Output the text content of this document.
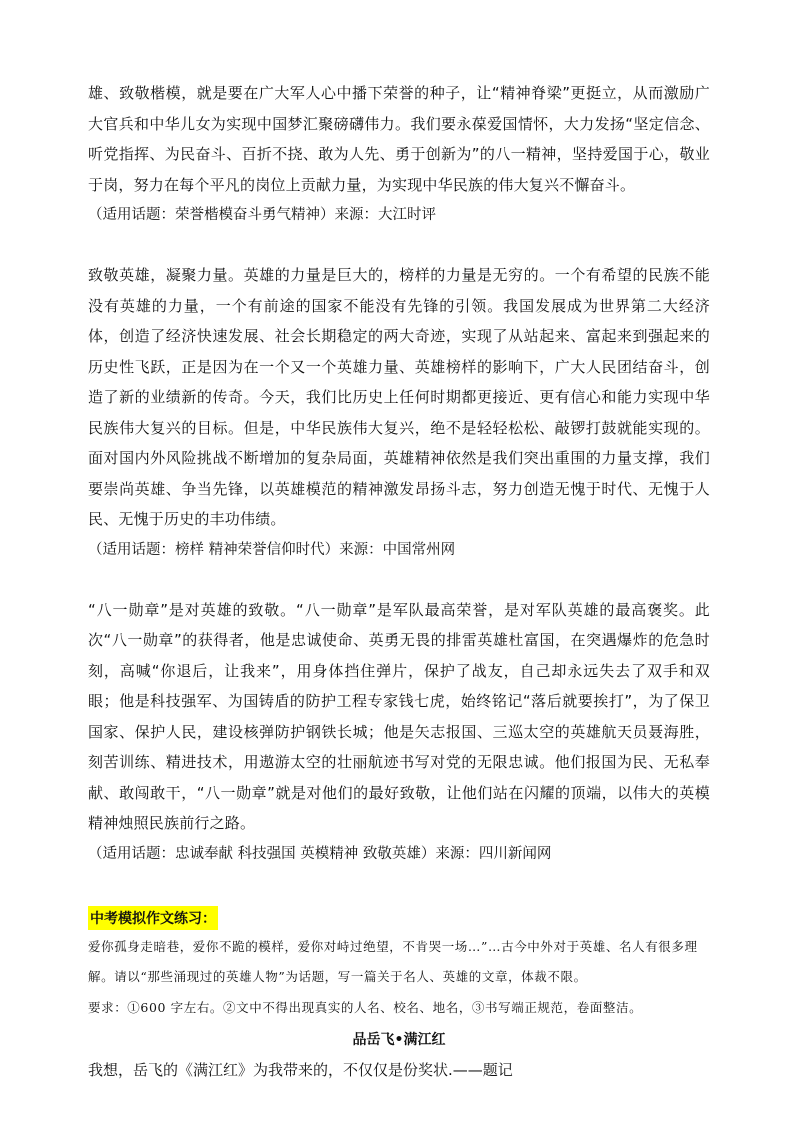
雄、致敬楷模，就是要在广大军人心中播下荣誉的种子，让“精神脊梁”更挺立，从而激励广大官兵和中华儿女为实现中国梦汇聚磅礴伟力。我们要永葆爱国情怀，大力发扬“坚定信念、听党指挥、为民奋斗、百折不挠、敢为人先、勇于创新为”的八一精神，坚持爱国于心，敬业于岗，努力在每个平凡的岗位上贡献力量，为实现中华民族的伟大复兴不懈奋斗。

（适用话题：荣誉楷模奋斗勇气精神）来源：大江时评

致敬英雄，凝聚力量。英雄的力量是巨大的，榜样的力量是无穷的。一个有希望的民族不能没有英雄的力量，一个有前途的国家不能没有先锋的引领。我国发展成为世界第二大经济体，创造了经济快速发展、社会长期稳定的两大奇迹，实现了从站起来、富起来到强起来的历史性飞跃，正是因为在一个又一个英雄力量、英雄榜样的影响下，广大人民团结奋斗，创造了新的业绩新的传奇。今天，我们比历史上任何时期都更接近、更有信心和能力实现中华民族伟大复兴的目标。但是，中华民族伟大复兴，绝不是轻轻松松、敲锣打鼓就能实现的。面对国内外风险挑战不断增加的复杂局面，英雄精神依然是我们突出重围的力量支撑，我们要崇尚英雄、争当先锋，以英雄模范的精神激发昂扬斗志，努力创造无愧于时代、无愧于人民、无愧于历史的丰功伟绩。

（适用话题：榜样 精神荣誉信仰时代）来源：中国常州网

“八一勋章”是对英雄的致敬。“八一勋章”是军队最高荣誉，是对军队英雄的最高褒奖。此次“八一勋章”的获得者，他是忠诚使命、英勇无畏的排雷英雄杜富国，在突遇爆炸的危急时刻，高喊“你退后，让我来”，用身体挡住弹片，保护了战友，自己却永远失去了双手和双眼；他是科技强军、为国铸盾的防护工程专家钱七虎，始终铭记“落后就要挨打”，为了保卫国家、保护人民，建设核弹防护钢铁长城；他是矢志报国、三巡太空的英雄航天员聂海胜，刻苦训练、精进技术，用遨游太空的壮丽航迹书写对党的无限忠诚。他们报国为民、无私奉献、敢闯敢干，“八一勋章”就是对他们的最好致敬，让他们站在闪耀的顶端，以伟大的英模精神烛照民族前行之路。

（适用话题：忠诚奉献 科技强国 英模精神 致敬英雄）来源：四川新闻网

中考模拟作文练习：

爱你孤身走暗巷，爱你不跪的模样，爱你对峙过绝望，不肯哭一场…”…古今中外对于英雄、名人有很多理解。请以“那些涌现过的英雄人物”为话题，写一篇关于名人、英雄的文章，体裁不限。

要求：①600 字左右。②文中不得出现真实的人名、校名、地名，③书写端正规范，卷面整洁。

品岳飞•满江红

我想，岳飞的《满江红》为我带来的，不仅仅是份奖状.——题记
